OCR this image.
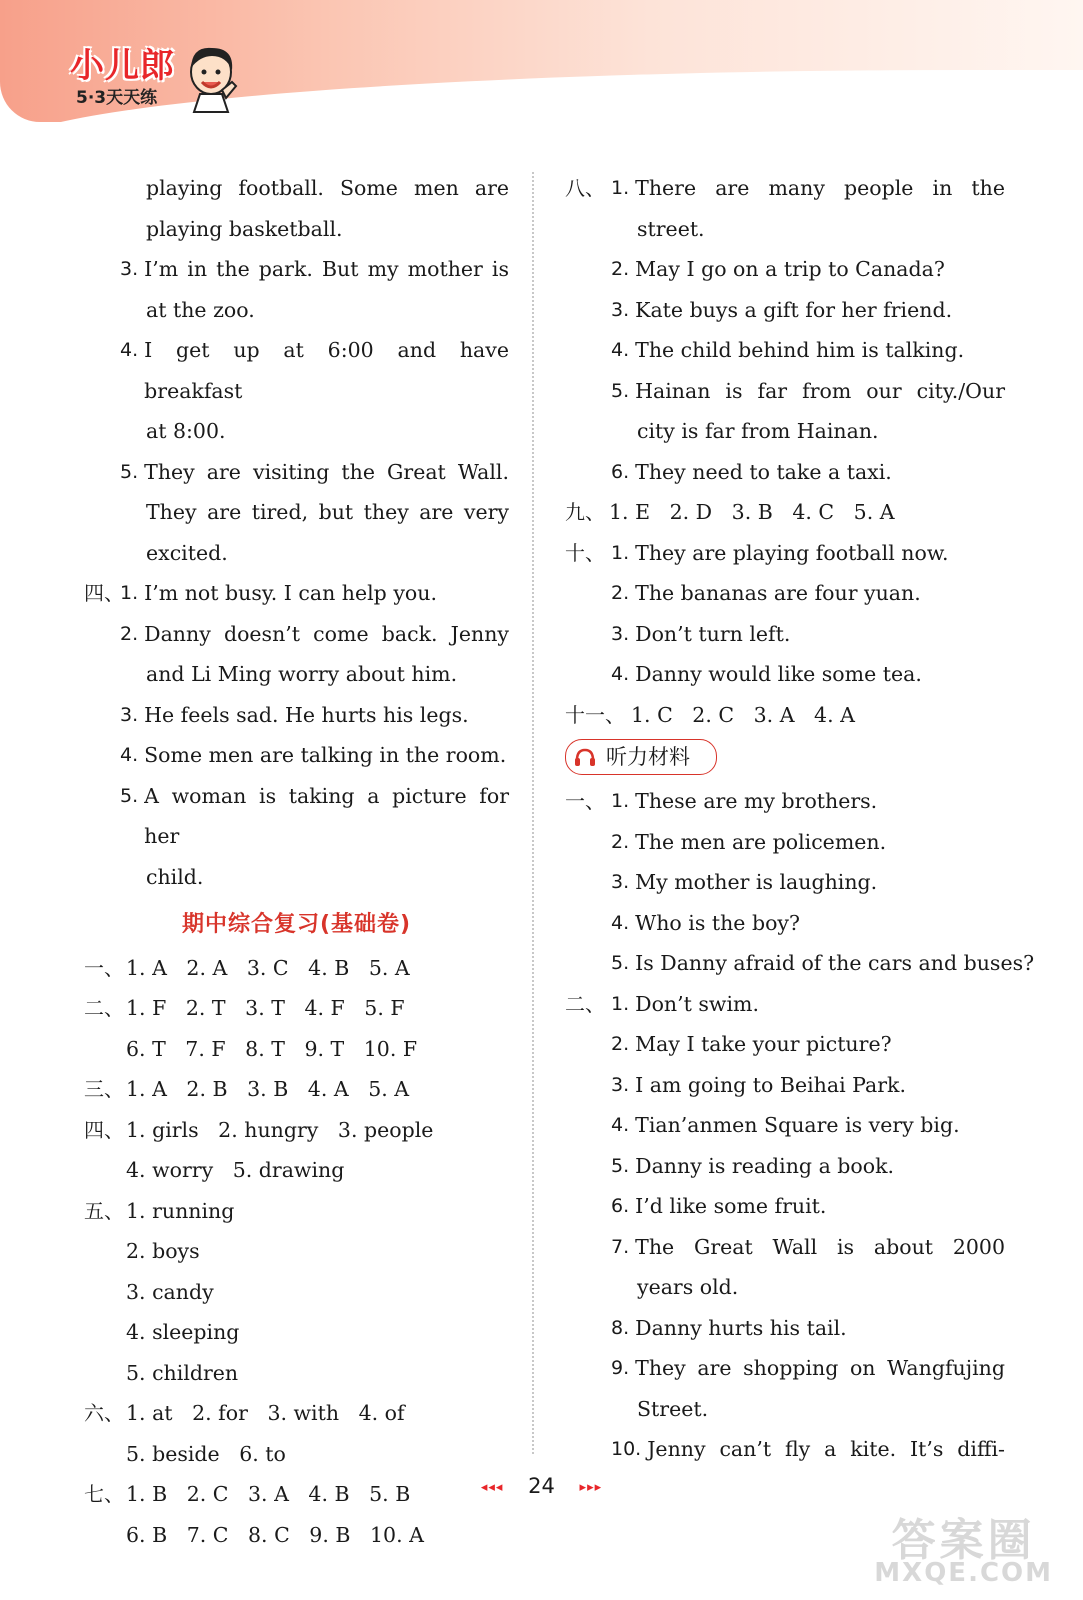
小儿郎
5·3天天练
playing football. Some men are
playing basketball.
3. I’m in the park. But my mother is
at the zoo.
4. I get up at 6:00 and have breakfast
at 8:00.
5. They are visiting the Great Wall.
They are tired, but they are very
excited.
四、
1. I’m not busy. I can help you.
2. Danny doesn’t come back. Jenny
and Li Ming worry about him.
3. He feels sad. He hurts his legs.
4. Some men are talking in the room.
5. A woman is taking a picture for her
child.
期中综合复习(基础卷)
一、 1. A   2. A   3. C   4. B   5. A
二、 1. F   2. T   3. T   4. F   5. F
6. T   7. F   8. T   9. T   10. F
三、 1. A   2. B   3. B   4. A   5. A
四、 1. girls   2. hungry   3. people
4. worry   5. drawing
五、 1. running
2. boys
3. candy
4. sleeping
5. children
六、 1. at   2. for   3. with   4. of
5. beside   6. to
七、 1. B   2. C   3. A   4. B   5. B
6. B   7. C   8. C   9. B   10. A
八、 1. There are many people in the
street.
2. May I go on a trip to Canada?
3. Kate buys a gift for her friend.
4. The child behind him is talking.
5. Hainan is far from our city./Our
city is far from Hainan.
6. They need to take a taxi.
九、 1. E   2. D   3. B   4. C   5. A
十、 1. They are playing football now.
2. The bananas are four yuan.
3. Don’t turn left.
4. Danny would like some tea.
十一、 1. C   2. C   3. A   4. A
听力材料
一、 1. These are my brothers.
2. The men are policemen.
3. My mother is laughing.
4. Who is the boy?
5. Is Danny afraid of the cars and buses?
二、 1. Don’t swim.
2. May I take your picture?
3. I am going to Beihai Park.
4. Tian’anmen Square is very big.
5. Danny is reading a book.
6. I’d like some fruit.
7. The Great Wall is about 2000
years old.
8. Danny hurts his tail.
9. They are shopping on Wangfujing
Street.
10. Jenny can’t fly a kite. It’s diffi-
◂◂◂ 24 ▸▸▸
答案圈
MXQE.COM
